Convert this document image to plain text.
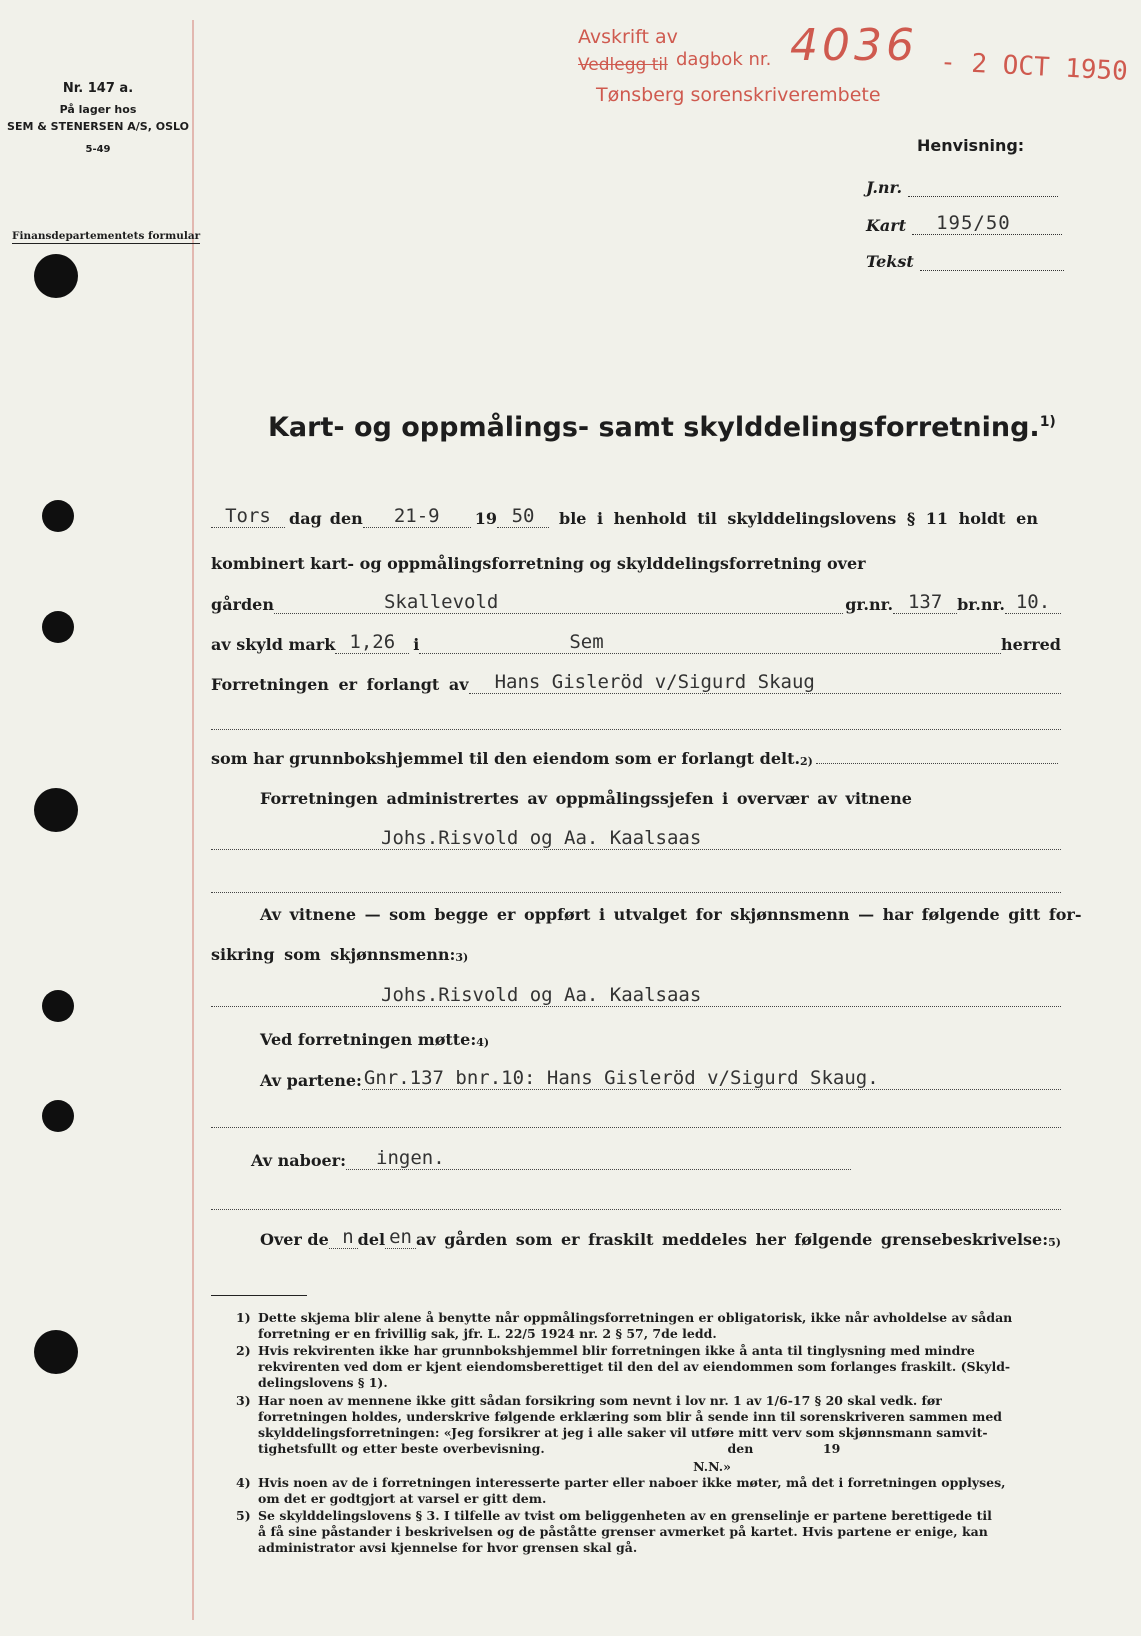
Nr. 147 a.
På lager hos
SEM & STENERSEN A/S, OSLO
5-49
Finansdepartementets formular
Avskrift av
Vedlegg til dagbok nr.
Tønsberg sorenskriverembete
4036 - 2 OCT 1950
Henvisning:
J.nr.
Kart	195/50
Tekst
Kart- og oppmålings- samt skylddelingsforretning.$^{1)}$
Tors	dag den	21-9	19 50	ble i henhold til skylddelingslovens § 11 holdt en
kombinert kart- og oppmålingsforretning og skylddelingsforretning over
gården	Skallevold	gr.nr. 137 br.nr. 10.
av skyld mark 1,26	i	Sem	herred
Forretningen er forlangt av	Hans Gisleröd v/Sigurd Skaug
som har grunnbokshjemmel til den eiendom som er forlangt delt. 2)
Forretningen administrertes av oppmålingssjefen i overvær av vitnene
Johs.Risvold og Aa. Kaalsaas
Av vitnene — som begge er oppført i utvalget for skjønnsmenn — har følgende gitt for-
sikring som skjønnsmenn: 3)
Johs.Risvold og Aa. Kaalsaas
Ved forretningen møtte: 4)
Av partene: Gnr.137 bnr.10: Hans Gisleröd v/Sigurd Skaug.
Av naboer:	ingen.
Over de n del en av gården som er fraskilt meddeles her følgende grensebeskrivelse: 5)
1) Dette skjema blir alene å benytte når oppmålingsforretningen er obligatorisk, ikke når avholdelse av sådan
forretning er en frivillig sak, jfr. L. 22/5 1924 nr. 2 § 57, 7de ledd.
2) Hvis rekvirenten ikke har grunnbokshjemmel blir forretningen ikke å anta til tinglysning med mindre
rekvirenten ved dom er kjent eiendomsberettiget til den del av eiendommen som forlanges fraskilt. (Skyld-
delingslovens § 1).
3) Har noen av mennene ikke gitt sådan forsikring som nevnt i lov nr. 1 av 1/6-17 § 20 skal vedk. før
forretningen holdes, underskrive følgende erklæring som blir å sende inn til sorenskriveren sammen med
skylddelingsforretningen: «Jeg forsikrer at jeg i alle saker vil utføre mitt verv som skjønnsmann samvit-
tighetsfullt og etter beste overbevisning.                                          den                19
N.N.»
4) Hvis noen av de i forretningen interesserte parter eller naboer ikke møter, må det i forretningen opplyses,
om det er godtgjort at varsel er gitt dem.
5) Se skylddelingslovens § 3. I tilfelle av tvist om beliggenheten av en grenselinje er partene berettigede til
å få sine påstander i beskrivelsen og de påståtte grenser avmerket på kartet. Hvis partene er enige, kan
administrator avsi kjennelse for hvor grensen skal gå.
